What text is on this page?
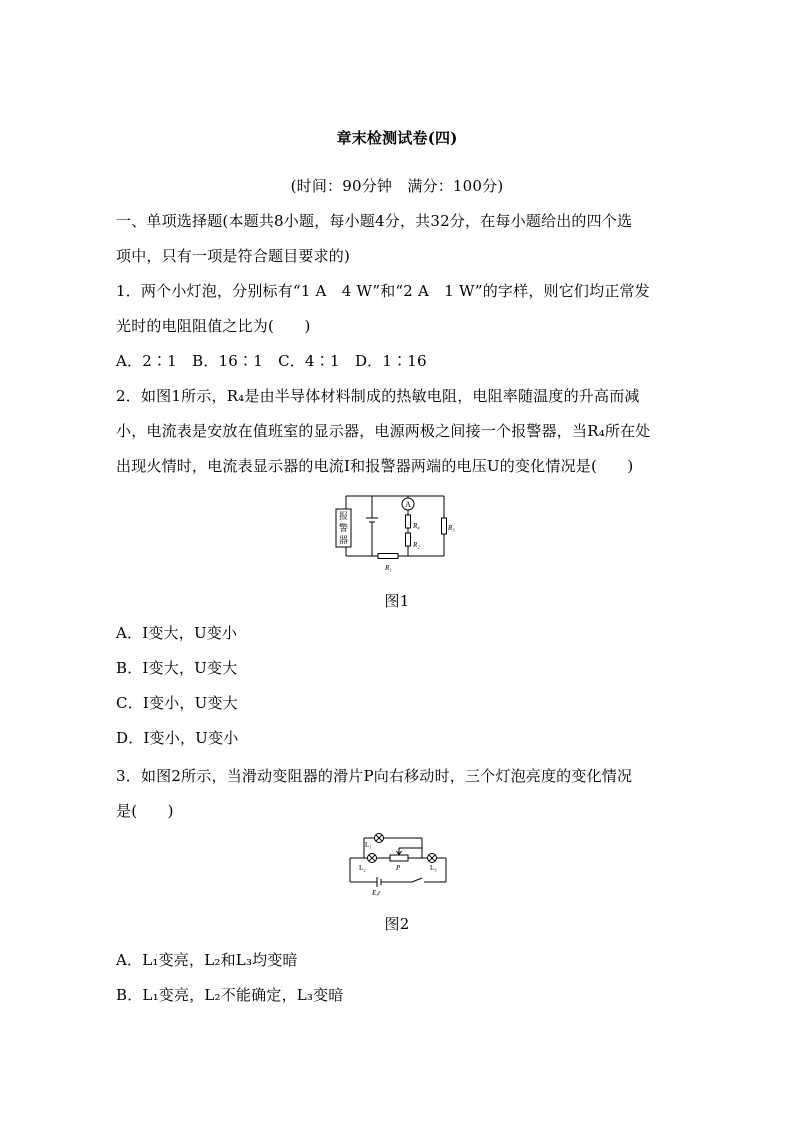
章末检测试卷(四)
(时间：90分钟　满分：100分)
一、单项选择题(本题共8小题，每小题4分，共32分，在每小题给出的四个选
项中，只有一项是符合题目要求的)
1．两个小灯泡，分别标有“1 A　4 W”和“2 A　1 W”的字样，则它们均正常发
光时的电阻阻值之比为(　　)
A．2∶1　B．16∶1　C．4∶1　D．1∶16
2．如图1所示，R₄是由半导体材料制成的热敏电阻，电阻率随温度的升高而减
小，电流表是安放在值班室的显示器，电源两极之间接一个报警器，当R₄所在处
出现火情时，电流表显示器的电流I和报警器两端的电压U的变化情况是(　　)
报
警
器
A
R₄
R₂
R₃
R₁
图1
A．I变大，U变小
B．I变大，U变大
C．I变小，U变大
D．I变小，U变小
3．如图2所示，当滑动变阻器的滑片P向右移动时，三个灯泡亮度的变化情况
是(　　)
L₁
L₂	L₃
P
E,r
图2
A．L₁变亮，L₂和L₃均变暗
B．L₁变亮，L₂不能确定，L₃变暗
